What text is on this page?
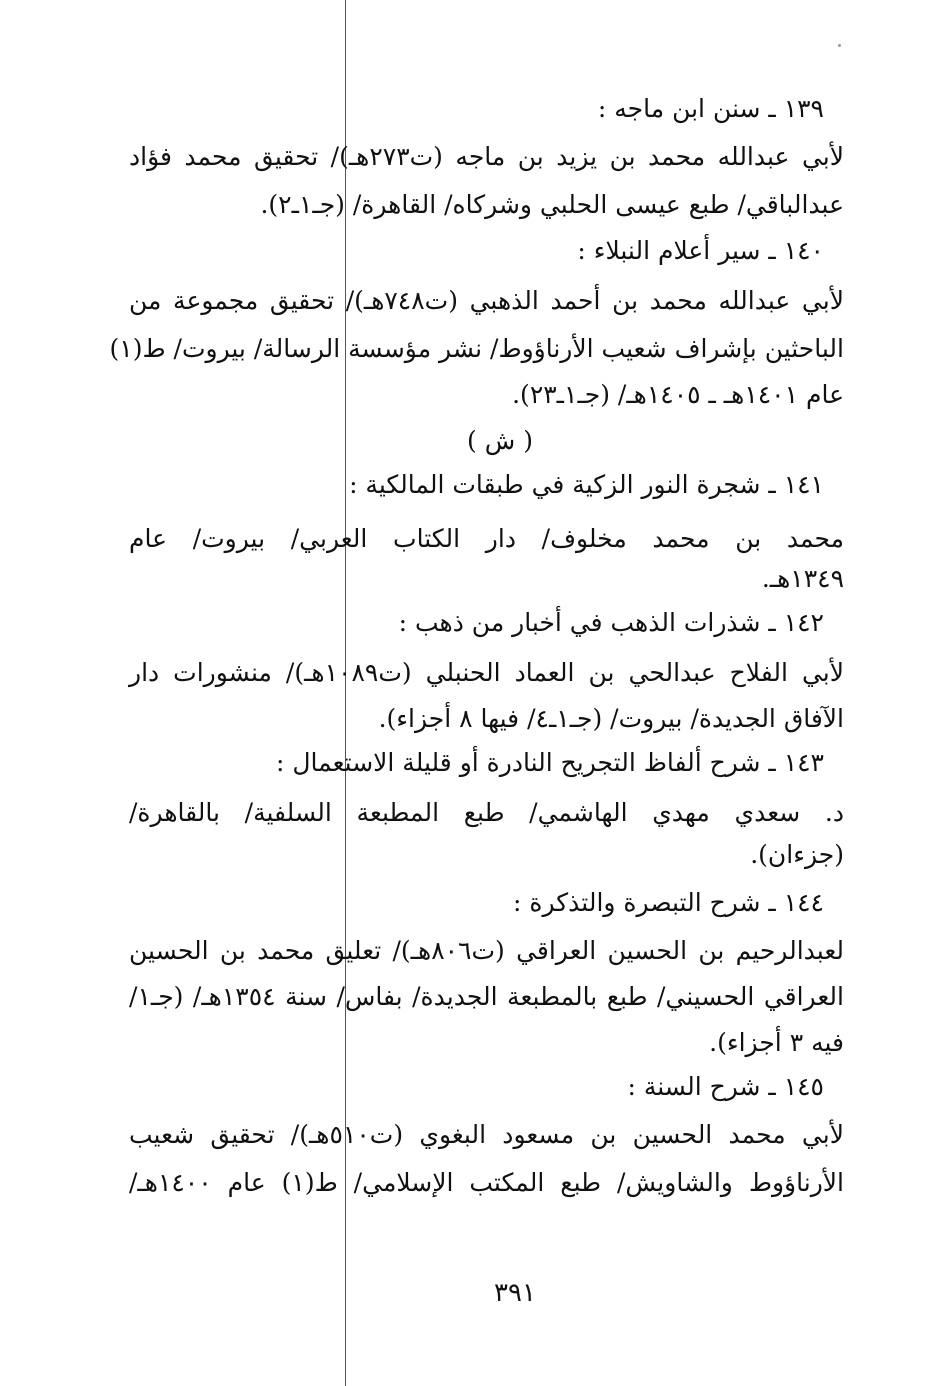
١٣٩ ـ سنن ابن ماجه :
لأبي عبدالله محمد بن يزيد بن ماجه (ت٢٧٣هـ)/ تحقيق محمد فؤاد
عبدالباقي/ طبع عيسى الحلبي وشركاه/ القاهرة/ (جـ١ـ٢).
١٤٠ ـ سير أعلام النبلاء :
لأبي عبدالله محمد بن أحمد الذهبي (ت٧٤٨هـ)/ تحقيق مجموعة من
الباحثين بإشراف شعيب الأرناؤوط/ نشر مؤسسة الرسالة/ بيروت/ ط(١)
عام ١٤٠١هـ ـ ١٤٠٥هـ/ (جـ١ـ٢٣).
( ش )
١٤١ ـ شجرة النور الزكية في طبقات المالكية :
محمد بن محمد مخلوف/ دار الكتاب العربي/ بيروت/ عام
١٣٤٩هـ.
١٤٢ ـ شذرات الذهب في أخبار من ذهب :
لأبي الفلاح عبدالحي بن العماد الحنبلي (ت١٠٨٩هـ)/ منشورات دار
الآفاق الجديدة/ بيروت/ (جـ١ـ٤/ فيها ٨ أجزاء).
١٤٣ ـ شرح ألفاظ التجريح النادرة أو قليلة الاستعمال :
د. سعدي مهدي الهاشمي/ طبع المطبعة السلفية/ بالقاهرة/
(جزءان).
١٤٤ ـ شرح التبصرة والتذكرة :
لعبدالرحيم بن الحسين العراقي (ت٨٠٦هـ)/ تعليق محمد بن الحسين
العراقي الحسيني/ طبع بالمطبعة الجديدة/ بفاس/ سنة ١٣٥٤هـ/ (جـ١/
فيه ٣ أجزاء).
١٤٥ ـ شرح السنة :
لأبي محمد الحسين بن مسعود البغوي (ت٥١٠هـ)/ تحقيق شعيب
الأرناؤوط والشاويش/ طبع المكتب الإسلامي/ ط(١) عام ١٤٠٠هـ/
٣٩١
